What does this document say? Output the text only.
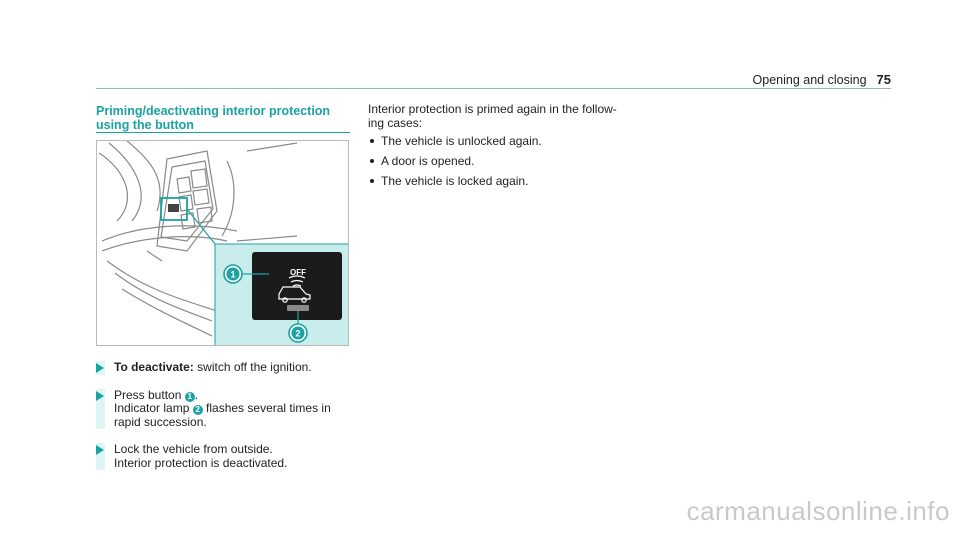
Opening and closing 75
Priming/deactivating interior protection using the button
OFF
1
2
To deactivate: switch off the ignition.
Press button 1 .
Indicator lamp 2 flashes several times in rapid succession.
Lock the vehicle from outside.
Interior protection is deactivated.
Interior protection is primed again in the follow-ing cases:
The vehicle is unlocked again.
A door is opened.
The vehicle is locked again.
carmanualsonline.info
